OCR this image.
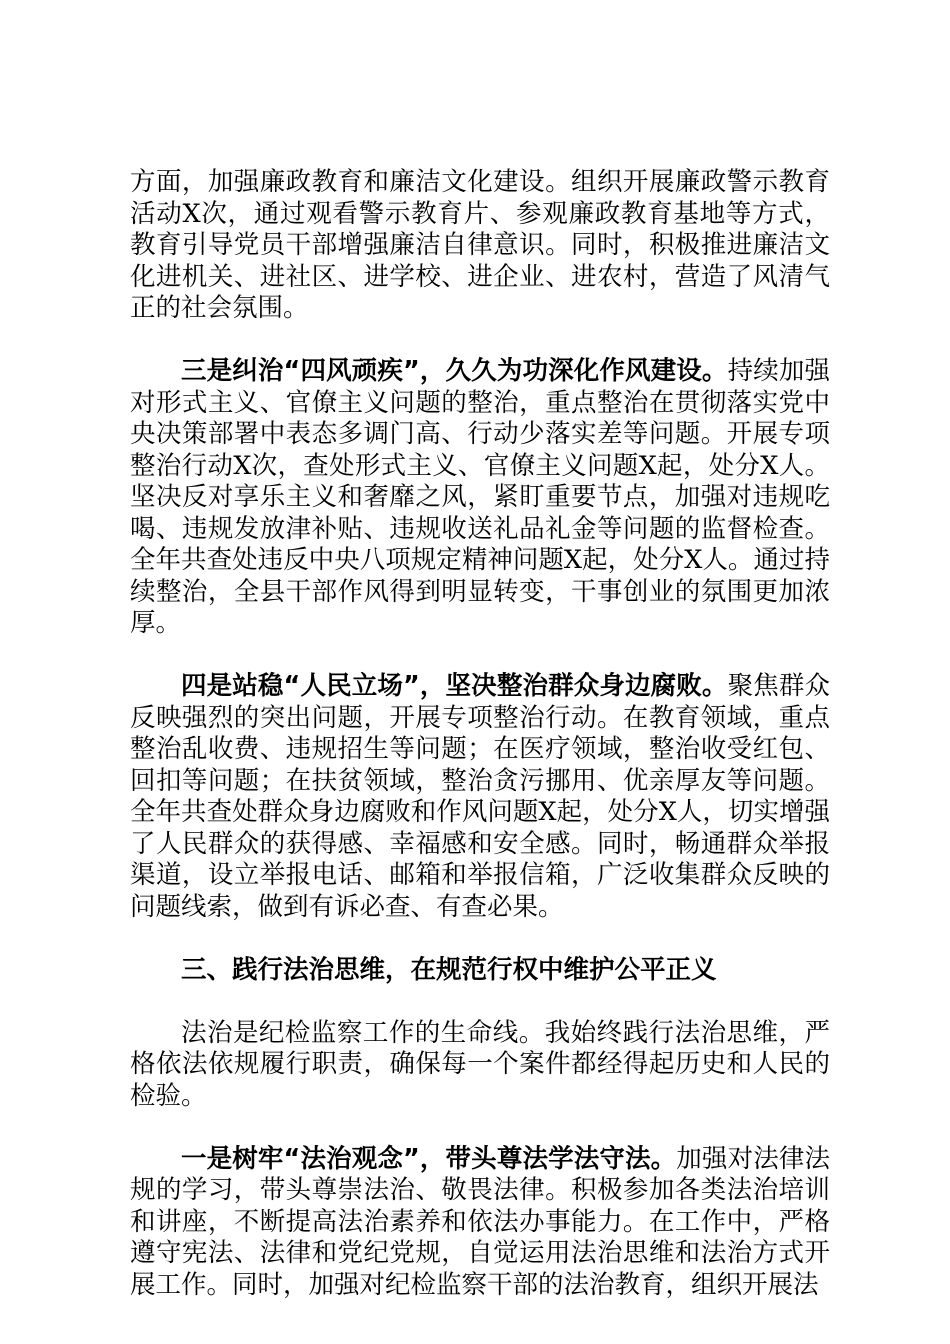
方面，加强廉政教育和廉洁文化建设。组织开展廉政警示教育活动X次，通过观看警示教育片、参观廉政教育基地等方式，教育引导党员干部增强廉洁自律意识。同时，积极推进廉洁文化进机关、进社区、进学校、进企业、进农村，营造了风清气正的社会氛围。

三是纠治“四风顽疾”，久久为功深化作风建设。持续加强对形式主义、官僚主义问题的整治，重点整治在贯彻落实党中央决策部署中表态多调门高、行动少落实差等问题。开展专项整治行动X次，查处形式主义、官僚主义问题X起，处分X人。坚决反对享乐主义和奢靡之风，紧盯重要节点，加强对违规吃喝、违规发放津补贴、违规收送礼品礼金等问题的监督检查。全年共查处违反中央八项规定精神问题X起，处分X人。通过持续整治，全县干部作风得到明显转变，干事创业的氛围更加浓厚。

四是站稳“人民立场”，坚决整治群众身边腐败。聚焦群众反映强烈的突出问题，开展专项整治行动。在教育领域，重点整治乱收费、违规招生等问题；在医疗领域，整治收受红包、回扣等问题；在扶贫领域，整治贪污挪用、优亲厚友等问题。全年共查处群众身边腐败和作风问题X起，处分X人，切实增强了人民群众的获得感、幸福感和安全感。同时，畅通群众举报渠道，设立举报电话、邮箱和举报信箱，广泛收集群众反映的问题线索，做到有诉必查、有查必果。

三、践行法治思维，在规范行权中维护公平正义

法治是纪检监察工作的生命线。我始终践行法治思维，严格依法依规履行职责，确保每一个案件都经得起历史和人民的检验。

一是树牢“法治观念”，带头尊法学法守法。加强对法律法规的学习，带头尊崇法治、敬畏法律。积极参加各类法治培训和讲座，不断提高法治素养和依法办事能力。在工作中，严格遵守宪法、法律和党纪党规，自觉运用法治思维和法治方式开展工作。同时，加强对纪检监察干部的法治教育，组织开展法
